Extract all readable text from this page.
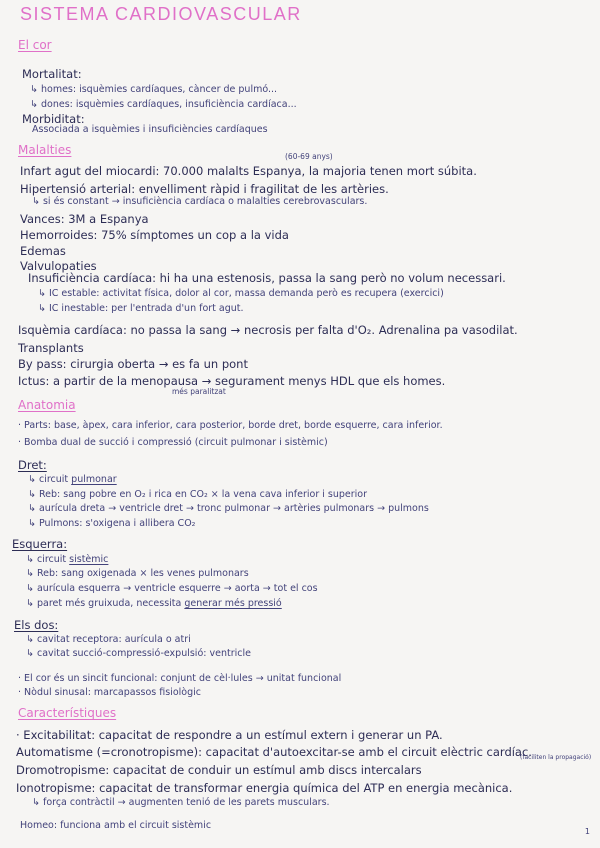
SISTEMA CARDIOVASCULAR
El cor
Mortalitat:
↳ homes: isquèmies cardíaques, càncer de pulmó...
↳ dones: isquèmies cardíaques, insuficiència cardíaca...
Morbiditat:
Associada a isquèmies i insuficiències cardíaques
Malalties	(60-69 anys)
Infart agut del miocardi: 70.000 malalts Espanya, la majoria tenen mort súbita.
Hipertensió arterial: envelliment ràpid i fragilitat de les artèries.
↳ si és constant → insuficiència cardíaca o malalties cerebrovasculars.
Vances: 3M a Espanya
Hemorroides: 75% símptomes un cop a la vida
Edemas
Valvulopaties
Insuficiència cardíaca: hi ha una estenosis, passa la sang però no volum necessari.
↳ IC estable: activitat física, dolor al cor, massa demanda però es recupera (exercici)
↳ IC inestable: per l'entrada d'un fort agut.
Isquèmia cardíaca: no passa la sang → necrosis per falta d'O₂. Adrenalina pa vasodilat.
Transplants
By pass: cirurgia oberta → es fa un pont
Ictus: a partir de la menopausa → segurament menys HDL que els homes.
més paralitzat
Anatomia
· Parts: base, àpex, cara inferior, cara posterior, borde dret, borde esquerre, cara inferior.
· Bomba dual de succió i compressió (circuit pulmonar i sistèmic)
Dret:
↳ circuit pulmonar
↳ Reb: sang pobre en O₂ i rica en CO₂ × la vena cava inferior i superior
↳ aurícula dreta → ventricle dret → tronc pulmonar → artèries pulmonars → pulmons
↳ Pulmons: s'oxigena i allibera CO₂
Esquerra:
↳ circuit sistèmic
↳ Reb: sang oxigenada × les venes pulmonars
↳ aurícula esquerra → ventricle esquerre → aorta → tot el cos
↳ paret més gruixuda, necessita generar més pressió
Els dos:
↳ cavitat receptora: aurícula o atri
↳ cavitat succió-compressió-expulsió: ventricle
· El cor és un sincit funcional: conjunt de cèl·lules → unitat funcional
· Nòdul sinusal: marcapassos fisiològic
Característiques
· Excitabilitat: capacitat de respondre a un estímul extern i generar un PA.
Automatisme (=cronotropisme): capacitat d'autoexcitar-se amb el circuit elèctric cardíac.
Dromotropisme: capacitat de conduir un estímul amb discs intercalars
(faciliten la propagació)
Ionotropisme: capacitat de transformar energia química del ATP en energia mecànica.
↳ força contràctil → augmenten tenió de les parets musculars.
Homeo: funciona amb el circuit sistèmic
1
